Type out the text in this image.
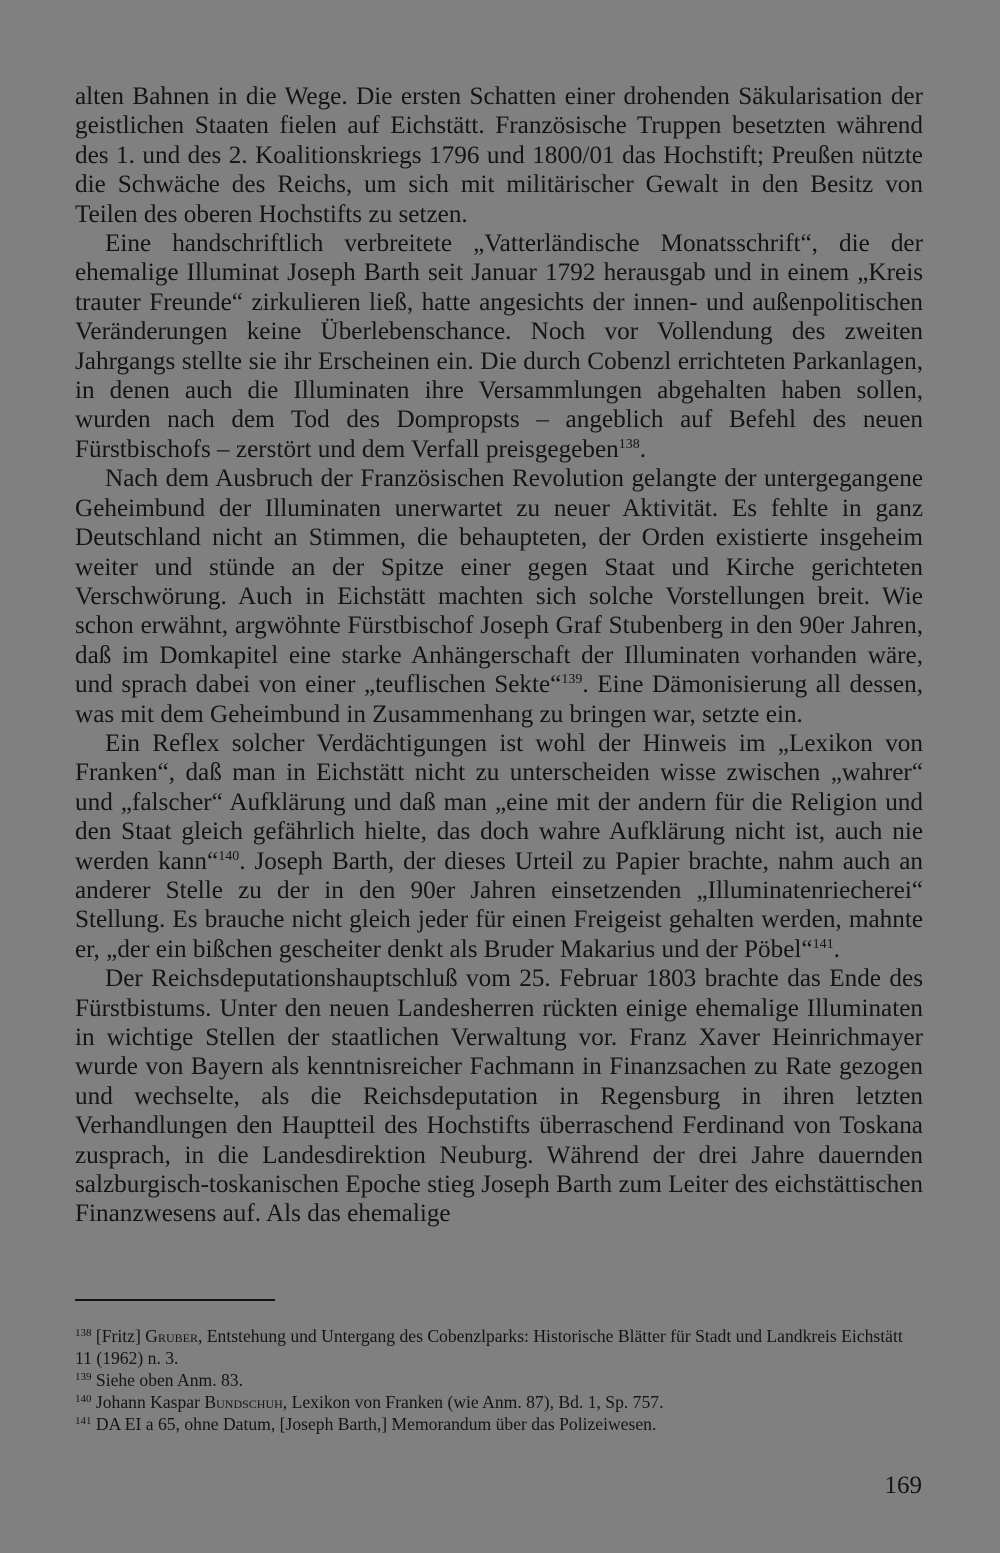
alten Bahnen in die Wege. Die ersten Schatten einer drohenden Säkularisation der geistlichen Staaten fielen auf Eichstätt. Französische Truppen besetzten während des 1. und des 2. Koalitionskriegs 1796 und 1800/01 das Hochstift; Preußen nützte die Schwäche des Reichs, um sich mit militärischer Gewalt in den Besitz von Teilen des oberen Hochstifts zu setzen.

Eine handschriftlich verbreitete „Vatterländische Monatsschrift“, die der ehemalige Illuminat Joseph Barth seit Januar 1792 herausgab und in einem „Kreis trauter Freunde“ zirkulieren ließ, hatte angesichts der innen- und außenpolitischen Veränderungen keine Überlebenschance. Noch vor Vollendung des zweiten Jahrgangs stellte sie ihr Erscheinen ein. Die durch Cobenzl errichteten Parkanlagen, in denen auch die Illuminaten ihre Versammlungen abgehalten haben sollen, wurden nach dem Tod des Dompropsts – angeblich auf Befehl des neuen Fürstbischofs – zerstört und dem Verfall preisgegeben$^{138}$.

Nach dem Ausbruch der Französischen Revolution gelangte der untergegangene Geheimbund der Illuminaten unerwartet zu neuer Aktivität. Es fehlte in ganz Deutschland nicht an Stimmen, die behaupteten, der Orden existierte insgeheim weiter und stünde an der Spitze einer gegen Staat und Kirche gerichteten Verschwörung. Auch in Eichstätt machten sich solche Vorstellungen breit. Wie schon erwähnt, argwöhnte Fürstbischof Joseph Graf Stubenberg in den 90er Jahren, daß im Domkapitel eine starke Anhängerschaft der Illuminaten vorhanden wäre, und sprach dabei von einer „teuflischen Sekte“$^{139}$. Eine Dämonisierung all dessen, was mit dem Geheimbund in Zusammenhang zu bringen war, setzte ein.

Ein Reflex solcher Verdächtigungen ist wohl der Hinweis im „Lexikon von Franken“, daß man in Eichstätt nicht zu unterscheiden wisse zwischen „wahrer“ und „falscher“ Aufklärung und daß man „eine mit der andern für die Religion und den Staat gleich gefährlich hielte, das doch wahre Aufklärung nicht ist, auch nie werden kann“$^{140}$. Joseph Barth, der dieses Urteil zu Papier brachte, nahm auch an anderer Stelle zu der in den 90er Jahren einsetzenden „Illuminatenriecherei“ Stellung. Es brauche nicht gleich jeder für einen Freigeist gehalten werden, mahnte er, „der ein bißchen gescheiter denkt als Bruder Makarius und der Pöbel“$^{141}$.

Der Reichsdeputationshauptschluß vom 25. Februar 1803 brachte das Ende des Fürstbistums. Unter den neuen Landesherren rückten einige ehemalige Illuminaten in wichtige Stellen der staatlichen Verwaltung vor. Franz Xaver Heinrichmayer wurde von Bayern als kenntnisreicher Fachmann in Finanzsachen zu Rate gezogen und wechselte, als die Reichsdeputation in Regensburg in ihren letzten Verhandlungen den Hauptteil des Hochstifts überraschend Ferdinand von Toskana zusprach, in die Landesdirektion Neuburg. Während der drei Jahre dauernden salzburgisch-toskanischen Epoche stieg Joseph Barth zum Leiter des eichstättischen Finanzwesens auf. Als das ehemalige

$^{138}$ [Fritz] Gruber, Entstehung und Untergang des Cobenzlparks: Historische Blätter für Stadt und Landkreis Eichstätt 11 (1962) n. 3.

$^{139}$ Siehe oben Anm. 83.

$^{140}$ Johann Kaspar Bundschuh, Lexikon von Franken (wie Anm. 87), Bd. 1, Sp. 757.

$^{141}$ DA EI a 65, ohne Datum, [Joseph Barth,] Memorandum über das Polizeiwesen.

169
